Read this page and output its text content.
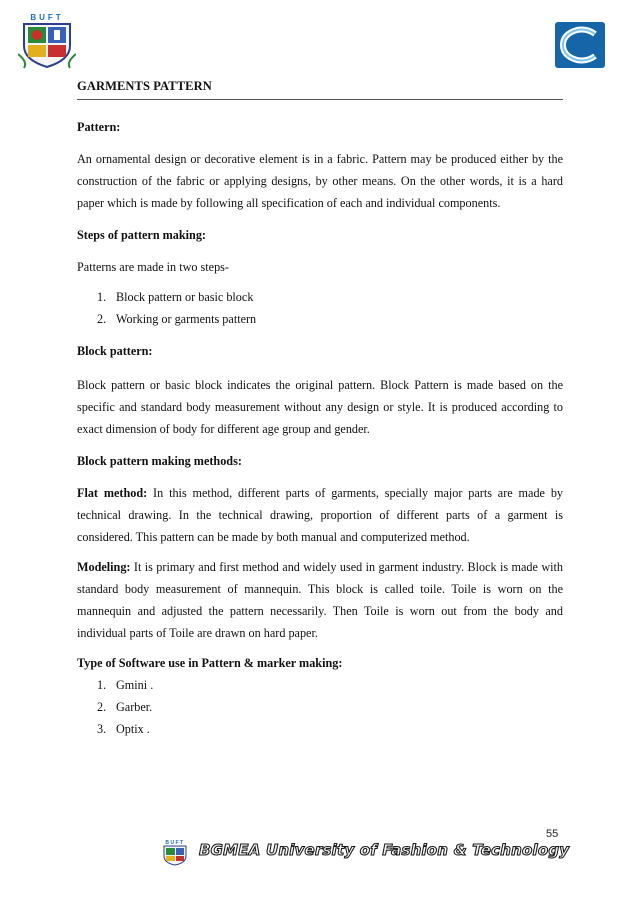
BUFT
GARMENTS PATTERN

Pattern:

An ornamental design or decorative element is in a fabric. Pattern may be produced either by the construction of the fabric or applying designs, by other means. On the other words, it is a hard paper which is made by following all specification of each and individual components.

Steps of pattern making:

Patterns are made in two steps-

1. Block pattern or basic block
2. Working or garments pattern

Block pattern:

Block pattern or basic block indicates the original pattern. Block Pattern is made based on the specific and standard body measurement without any design or style. It is produced according to exact dimension of body for different age group and gender.

Block pattern making methods:

Flat method: In this method, different parts of garments, specially major parts are made by technical drawing. In the technical drawing, proportion of different parts of a garment is considered. This pattern can be made by both manual and computerized method.

Modeling: It is primary and first method and widely used in garment industry. Block is made with standard body measurement of mannequin. This block is called toile. Toile is worn on the mannequin and adjusted the pattern necessarily. Then Toile is worn out from the body and individual parts of Toile are drawn on hard paper.

Type of Software use in Pattern & marker making:

1. Gmini .
2. Garber.
3. Optix .
55
BUFT BGMEA University of Fashion & Technology
